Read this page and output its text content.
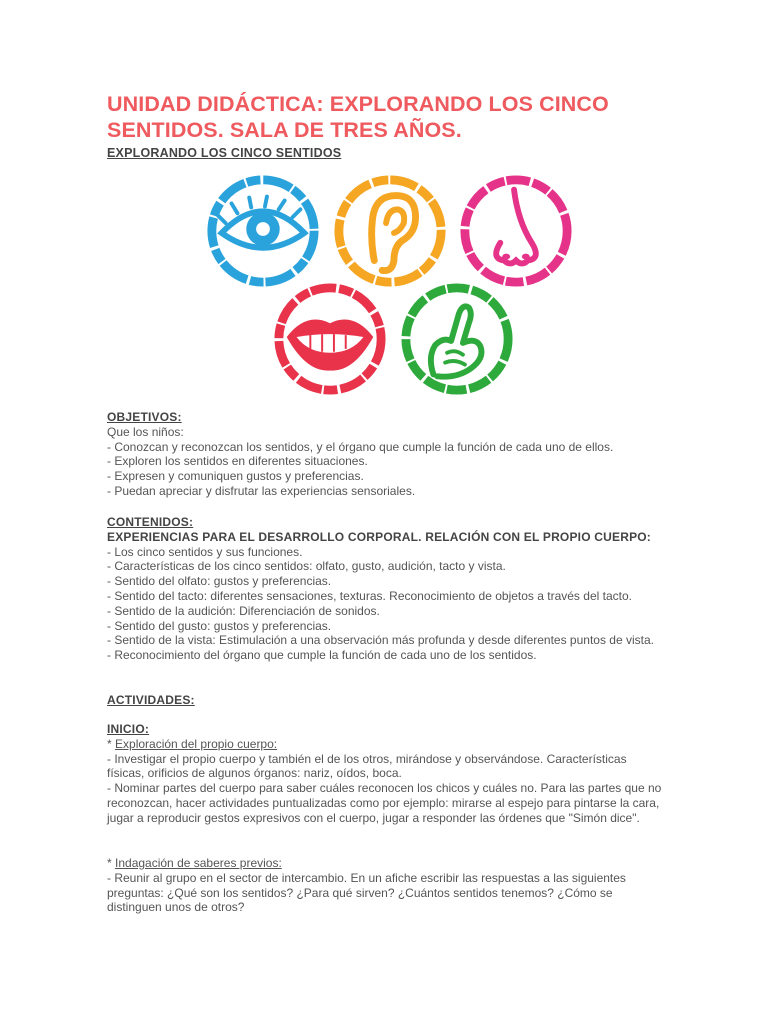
UNIDAD DIDÁCTICA: EXPLORANDO LOS CINCO SENTIDOS. SALA DE TRES AÑOS.
EXPLORANDO LOS CINCO SENTIDOS
OBJETIVOS:
Que los niños:
- Conozcan y reconozcan los sentidos, y el órgano que cumple la función de cada uno de ellos.
- Exploren los sentidos en diferentes situaciones.
- Expresen y comuniquen gustos y preferencias.
- Puedan apreciar y disfrutar las experiencias sensoriales.
CONTENIDOS:
EXPERIENCIAS PARA EL DESARROLLO CORPORAL. RELACIÓN CON EL PROPIO CUERPO:
- Los cinco sentidos y sus funciones.
- Características de los cinco sentidos: olfato, gusto, audición, tacto y vista.
- Sentido del olfato: gustos y preferencias.
- Sentido del tacto: diferentes sensaciones, texturas. Reconocimiento de objetos a través del tacto.
- Sentido de la audición: Diferenciación de sonidos.
- Sentido del gusto: gustos y preferencias.
- Sentido de la vista: Estimulación a una observación más profunda y desde diferentes puntos de vista.
- Reconocimiento del órgano que cumple la función de cada uno de los sentidos.
ACTIVIDADES:
INICIO:
* Exploración del propio cuerpo:
- Investigar el propio cuerpo y también el de los otros, mirándose y observándose. Características físicas, orificios de algunos órganos: nariz, oídos, boca.
- Nominar partes del cuerpo para saber cuáles reconocen los chicos y cuáles no. Para las partes que no reconozcan, hacer actividades puntualizadas como por ejemplo: mirarse al espejo para pintarse la cara, jugar a reproducir gestos expresivos con el cuerpo, jugar a responder las órdenes que "Simón dice".
* Indagación de saberes previos:
- Reunir al grupo en el sector de intercambio. En un afiche escribir las respuestas a las siguientes preguntas: ¿Qué son los sentidos? ¿Para qué sirven? ¿Cuántos sentidos tenemos? ¿Cómo se distinguen unos de otros?
